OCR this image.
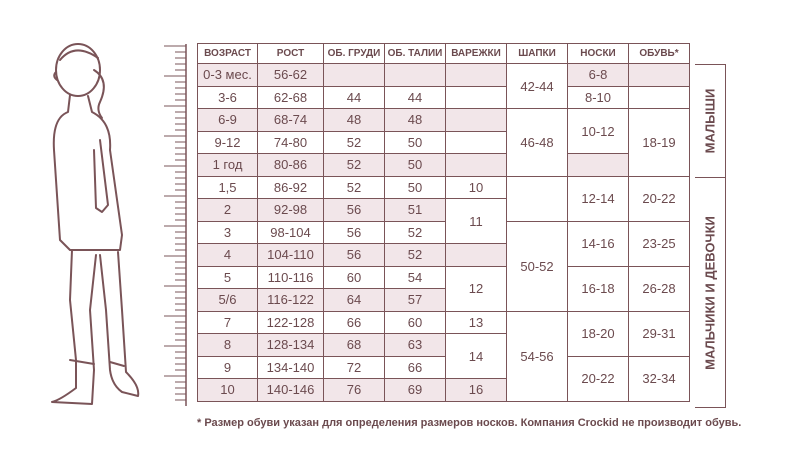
ВОЗРАСТ	РОСТ	ОБ. ГРУДИ	ОБ. ТАЛИИ	ВАРЕЖКИ	ШАПКИ	НОСКИ	ОБУВЬ*
0-3 мес.	56-62				42-44	6-8	
3-6	62-68	44	44			8-10	
6-9	68-74	48	48		46-48	10-12	18-19
9-12	74-80	52	50				
1 год	80-86	52	50				
1,5	86-92	52	50	10		12-14	20-22
2	92-98	56	51	11			
3	98-104	56	52		50-52	14-16	23-25
4	104-110	56	52				
5	110-116	60	54	12		16-18	26-28
5/6	116-122	64	57				
7	122-128	66	60	13	54-56	18-20	29-31
8	128-134	68	63	14			
9	134-140	72	66			20-22	32-34
10	140-146	76	69	16			
МАЛЫШИ
МАЛЬЧИКИ И ДЕВОЧКИ
* Размер обуви указан для определения размеров носков. Компания Crockid не производит обувь.
